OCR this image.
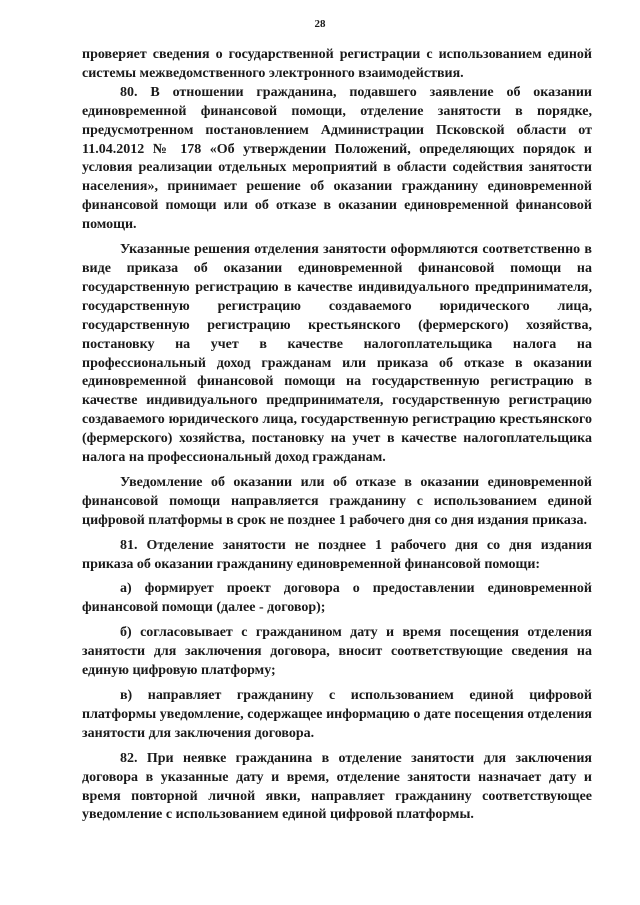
28

проверяет сведения о государственной регистрации с использованием единой системы межведомственного электронного взаимодействия.

80. В отношении гражданина, подавшего заявление об оказании единовременной финансовой помощи, отделение занятости в порядке, предусмотренном постановлением Администрации Псковской области от 11.04.2012 № 178 «Об утверждении Положений, определяющих порядок и условия реализации отдельных мероприятий в области содействия занятости населения», принимает решение об оказании гражданину единовременной финансовой помощи или об отказе в оказании единовременной финансовой помощи.

Указанные решения отделения занятости оформляются соответственно в виде приказа об оказании единовременной финансовой помощи на государственную регистрацию в качестве индивидуального предпринимателя, государственную регистрацию создаваемого юридического лица, государственную регистрацию крестьянского (фермерского) хозяйства, постановку на учет в качестве налогоплательщика налога на профессиональный доход гражданам или приказа об отказе в оказании единовременной финансовой помощи на государственную регистрацию в качестве индивидуального предпринимателя, государственную регистрацию создаваемого юридического лица, государственную регистрацию крестьянского (фермерского) хозяйства, постановку на учет в качестве налогоплательщика налога на профессиональный доход гражданам.

Уведомление об оказании или об отказе в оказании единовременной финансовой помощи направляется гражданину с использованием единой цифровой платформы в срок не позднее 1 рабочего дня со дня издания приказа.

81. Отделение занятости не позднее 1 рабочего дня со дня издания приказа об оказании гражданину единовременной финансовой помощи:

а) формирует проект договора о предоставлении единовременной финансовой помощи (далее - договор);

б) согласовывает с гражданином дату и время посещения отделения занятости для заключения договора, вносит соответствующие сведения на единую цифровую платформу;

в) направляет гражданину с использованием единой цифровой платформы уведомление, содержащее информацию о дате посещения отделения занятости для заключения договора.

82. При неявке гражданина в отделение занятости для заключения договора в указанные дату и время, отделение занятости назначает дату и время повторной личной явки, направляет гражданину соответствующее уведомление с использованием единой цифровой платформы.
